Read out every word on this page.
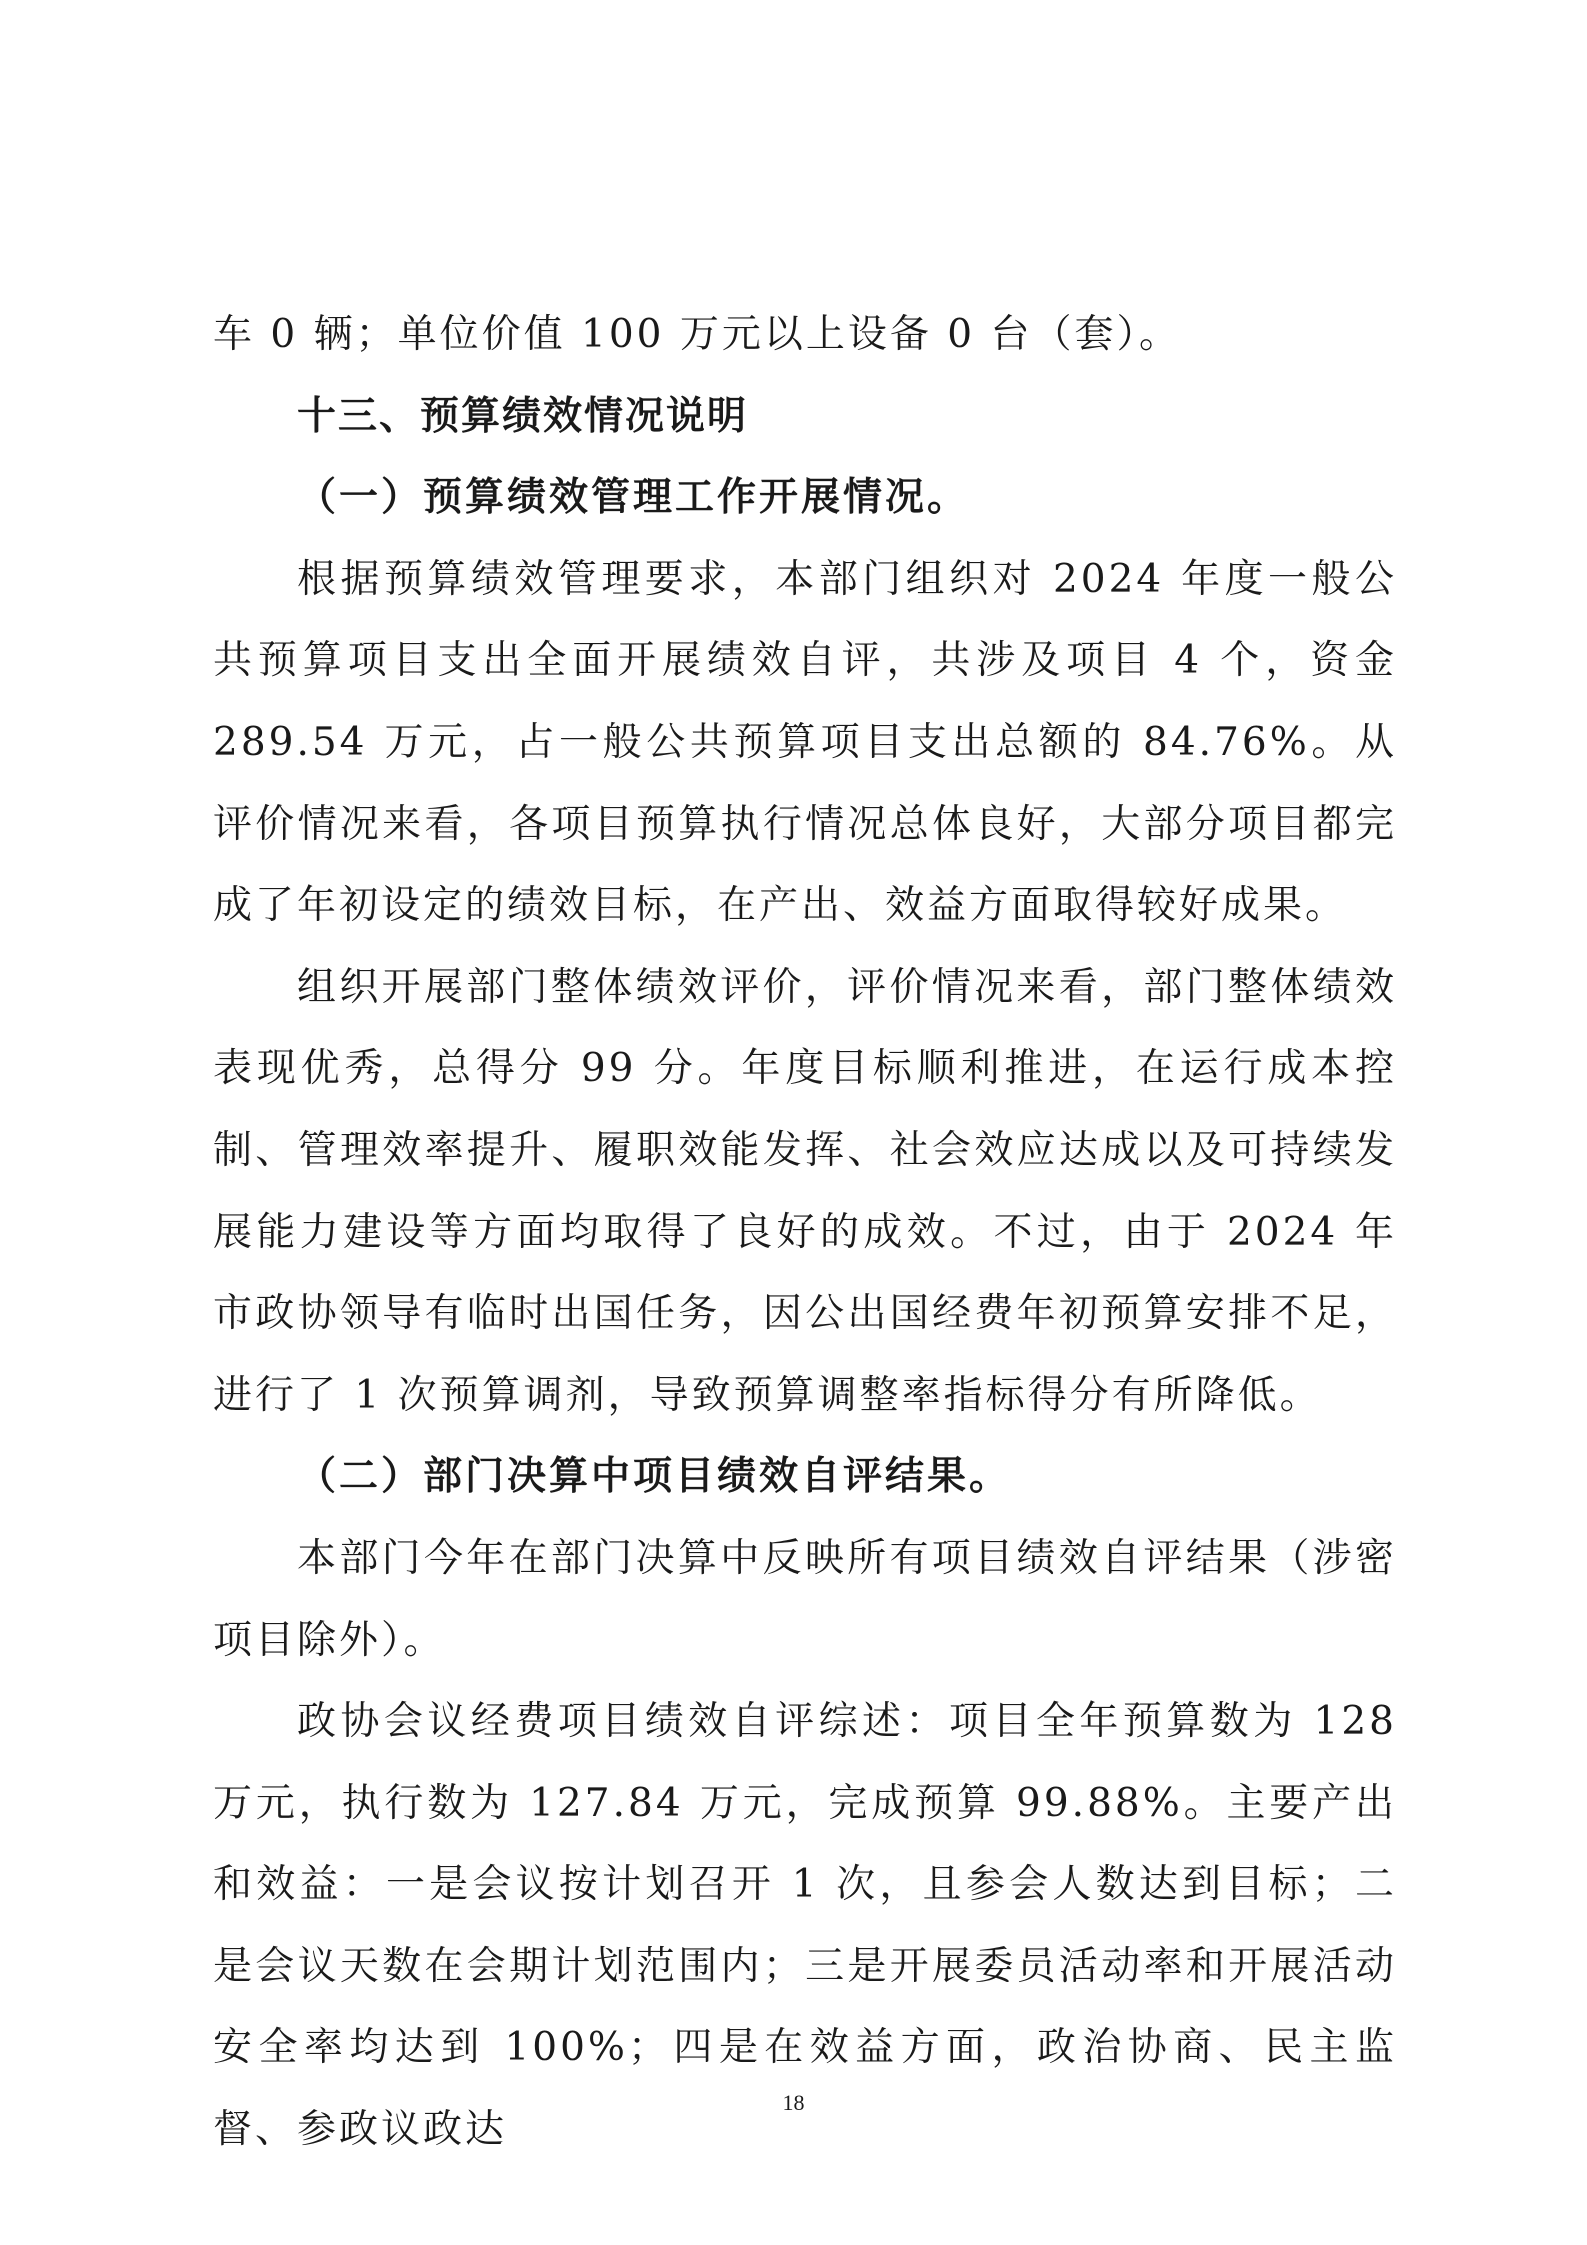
车 0 辆；单位价值 100 万元以上设备 0 台（套）。

十三、预算绩效情况说明

（一）预算绩效管理工作开展情况。

根据预算绩效管理要求，本部门组织对 2024 年度一般公共预算项目支出全面开展绩效自评，共涉及项目 4 个，资金 289.54 万元，占一般公共预算项目支出总额的 84.76%。从评价情况来看，各项目预算执行情况总体良好，大部分项目都完成了年初设定的绩效目标，在产出、效益方面取得较好成果。

组织开展部门整体绩效评价，评价情况来看，部门整体绩效表现优秀，总得分 99 分。年度目标顺利推进，在运行成本控制、管理效率提升、履职效能发挥、社会效应达成以及可持续发展能力建设等方面均取得了良好的成效。不过，由于 2024 年市政协领导有临时出国任务，因公出国经费年初预算安排不足，进行了 1 次预算调剂，导致预算调整率指标得分有所降低。

（二）部门决算中项目绩效自评结果。

本部门今年在部门决算中反映所有项目绩效自评结果（涉密项目除外）。

政协会议经费项目绩效自评综述：项目全年预算数为 128 万元，执行数为 127.84 万元，完成预算 99.88%。主要产出和效益：一是会议按计划召开 1 次，且参会人数达到目标；二是会议天数在会期计划范围内；三是开展委员活动率和开展活动安全率均达到 100%；四是在效益方面，政治协商、民主监督、参政议政达

18
